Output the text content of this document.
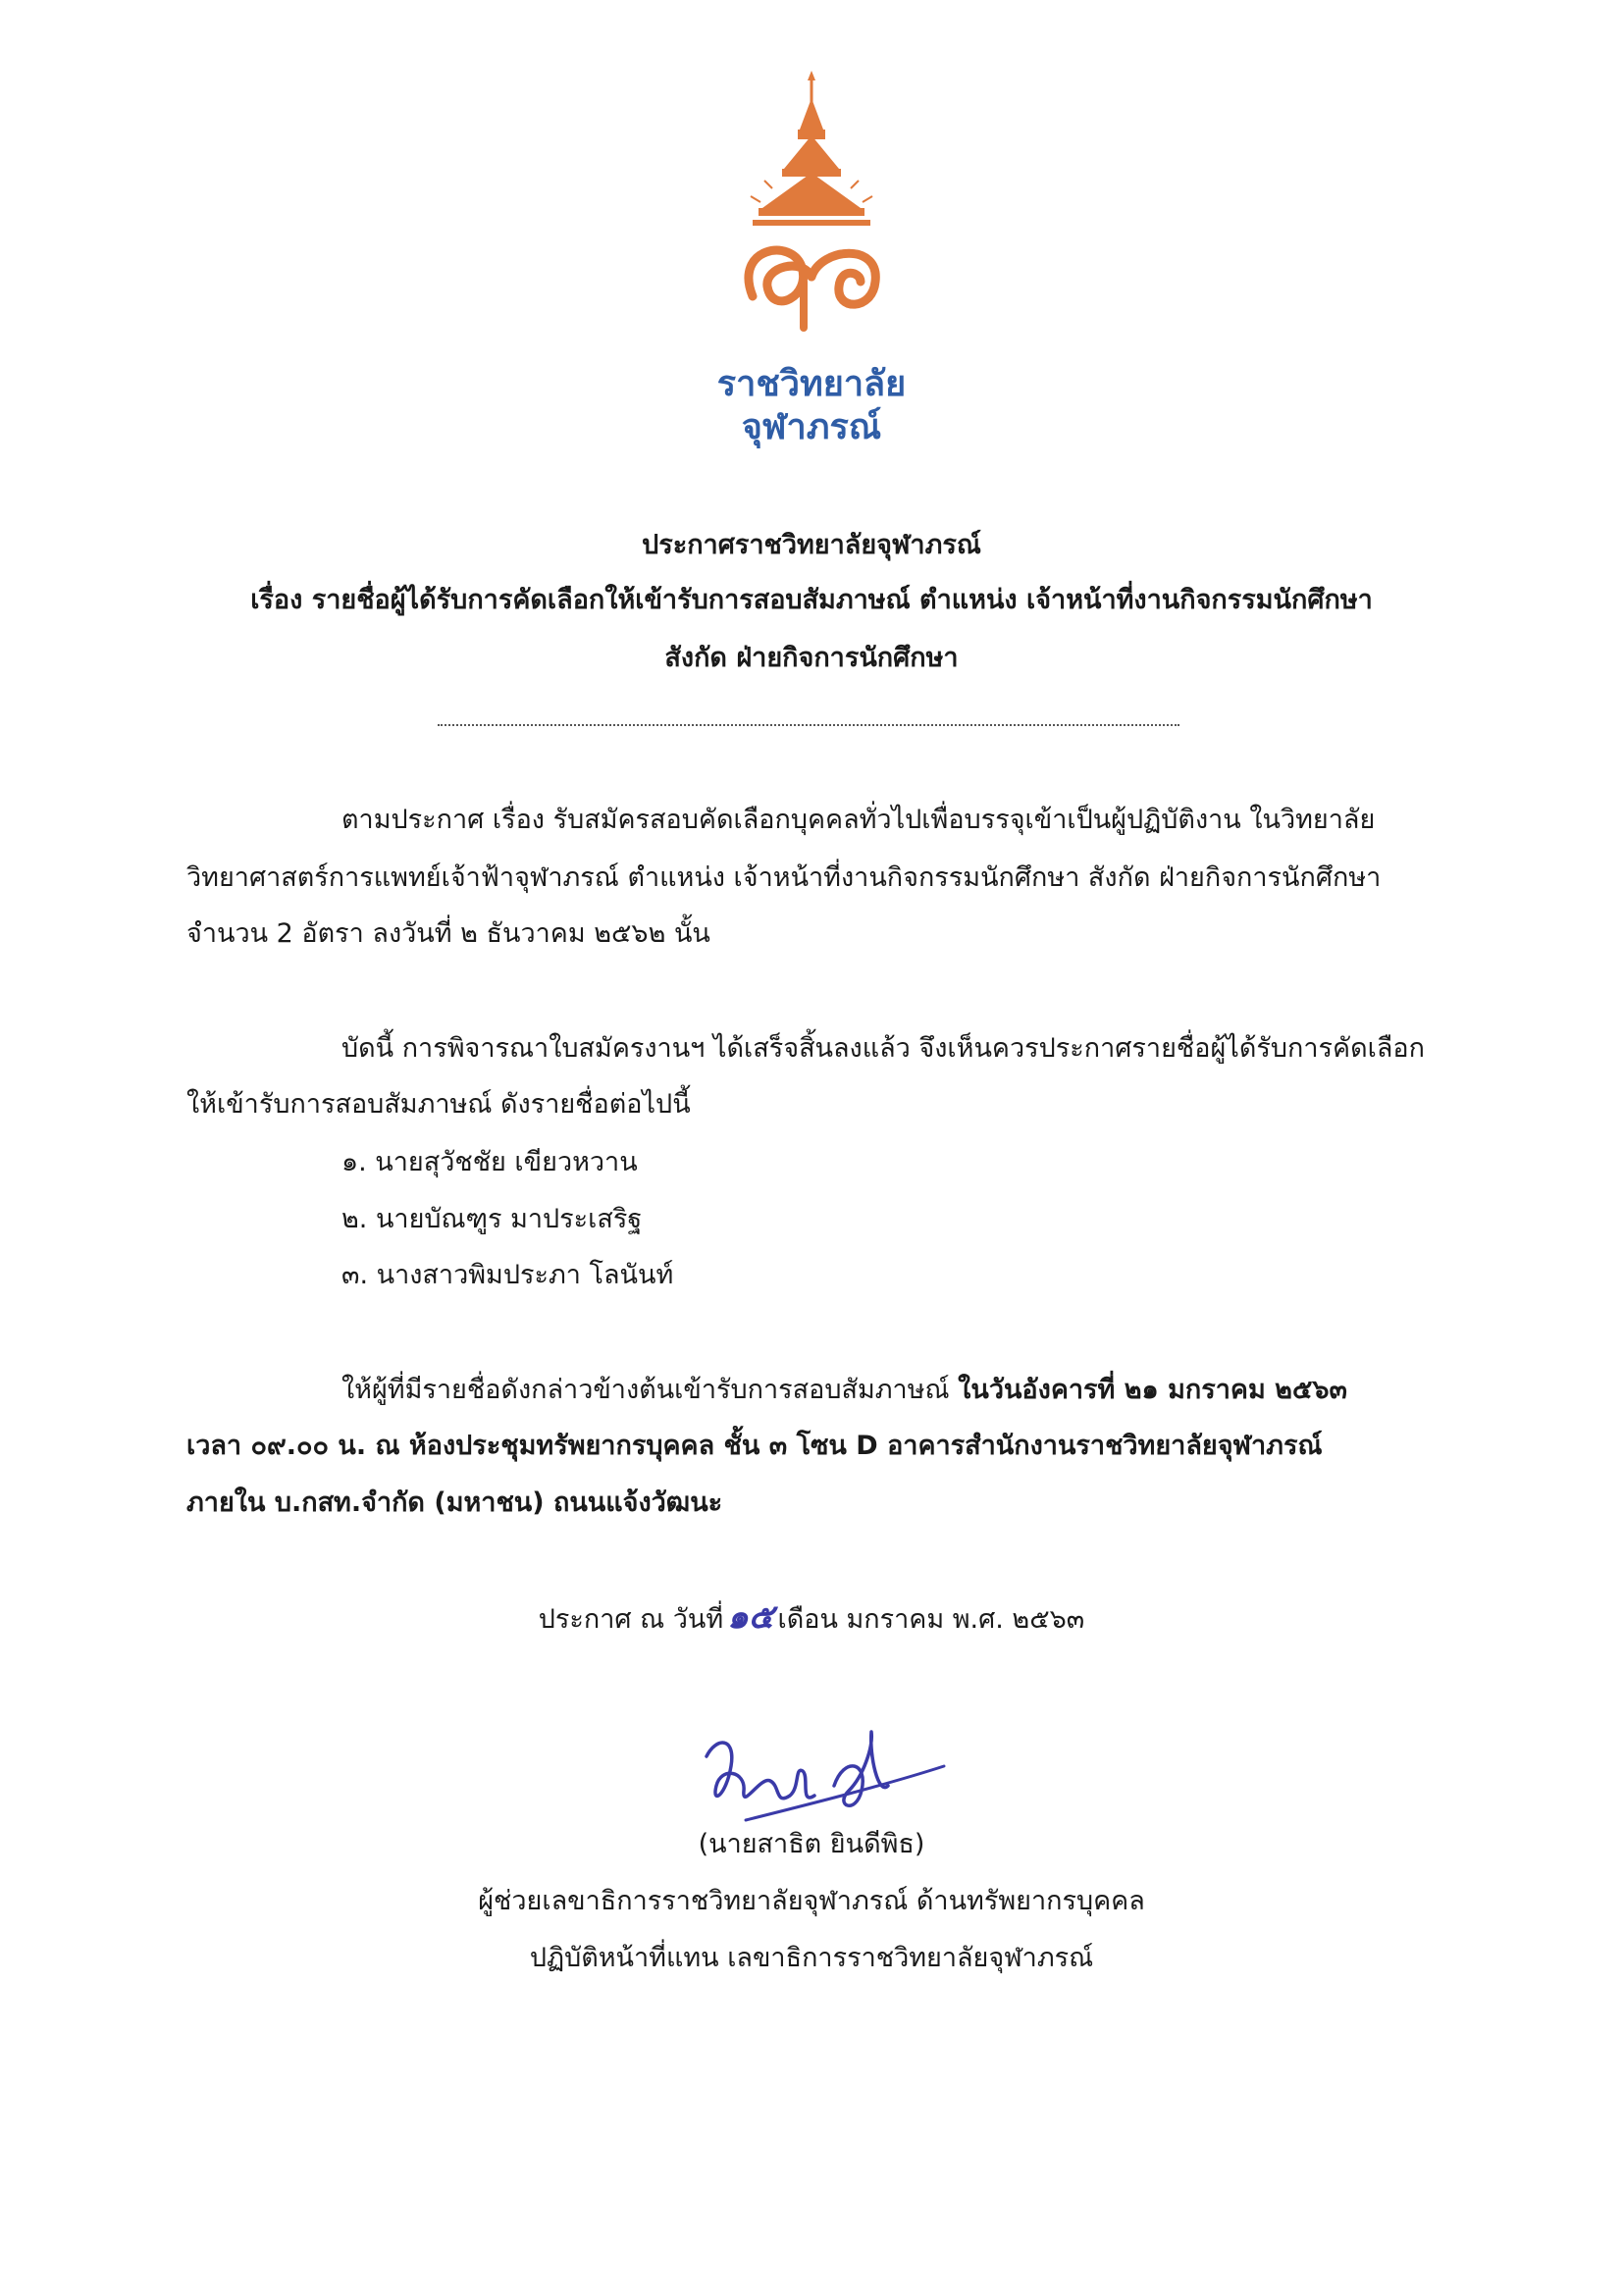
ราชวิทยาลัย
จุฬาภรณ์
ประกาศราชวิทยาลัยจุฬาภรณ์
เรื่อง รายชื่อผู้ได้รับการคัดเลือกให้เข้ารับการสอบสัมภาษณ์ ตำแหน่ง เจ้าหน้าที่งานกิจกรรมนักศึกษา
สังกัด ฝ่ายกิจการนักศึกษา
ตามประกาศ เรื่อง รับสมัครสอบคัดเลือกบุคคลทั่วไปเพื่อบรรจุเข้าเป็นผู้ปฏิบัติงาน ในวิทยาลัย
วิทยาศาสตร์การแพทย์เจ้าฟ้าจุฬาภรณ์ ตำแหน่ง เจ้าหน้าที่งานกิจกรรมนักศึกษา สังกัด ฝ่ายกิจการนักศึกษา
จำนวน 2 อัตรา ลงวันที่ ๒ ธันวาคม ๒๕๖๒ นั้น
บัดนี้ การพิจารณาใบสมัครงานฯ ได้เสร็จสิ้นลงแล้ว จึงเห็นควรประกาศรายชื่อผู้ได้รับการคัดเลือก
ให้เข้ารับการสอบสัมภาษณ์ ดังรายชื่อต่อไปนี้
๑. นายสุวัชชัย เขียวหวาน
๒. นายบัณฑูร มาประเสริฐ
๓. นางสาวพิมประภา โลนันท์
ให้ผู้ที่มีรายชื่อดังกล่าวข้างต้นเข้ารับการสอบสัมภาษณ์ ในวันอังคารที่ ๒๑ มกราคม ๒๕๖๓
เวลา ๐๙.๐๐ น. ณ ห้องประชุมทรัพยากรบุคคล ชั้น ๓ โซน D อาคารสำนักงานราชวิทยาลัยจุฬาภรณ์
ภายใน บ.กสท.จำกัด (มหาชน) ถนนแจ้งวัฒนะ
ประกาศ ณ วันที่๑๕ เดือน มกราคม พ.ศ. ๒๕๖๓
(นายสาธิต ยินดีพิธ)
ผู้ช่วยเลขาธิการราชวิทยาลัยจุฬาภรณ์ ด้านทรัพยากรบุคคล
ปฏิบัติหน้าที่แทน เลขาธิการราชวิทยาลัยจุฬาภรณ์
